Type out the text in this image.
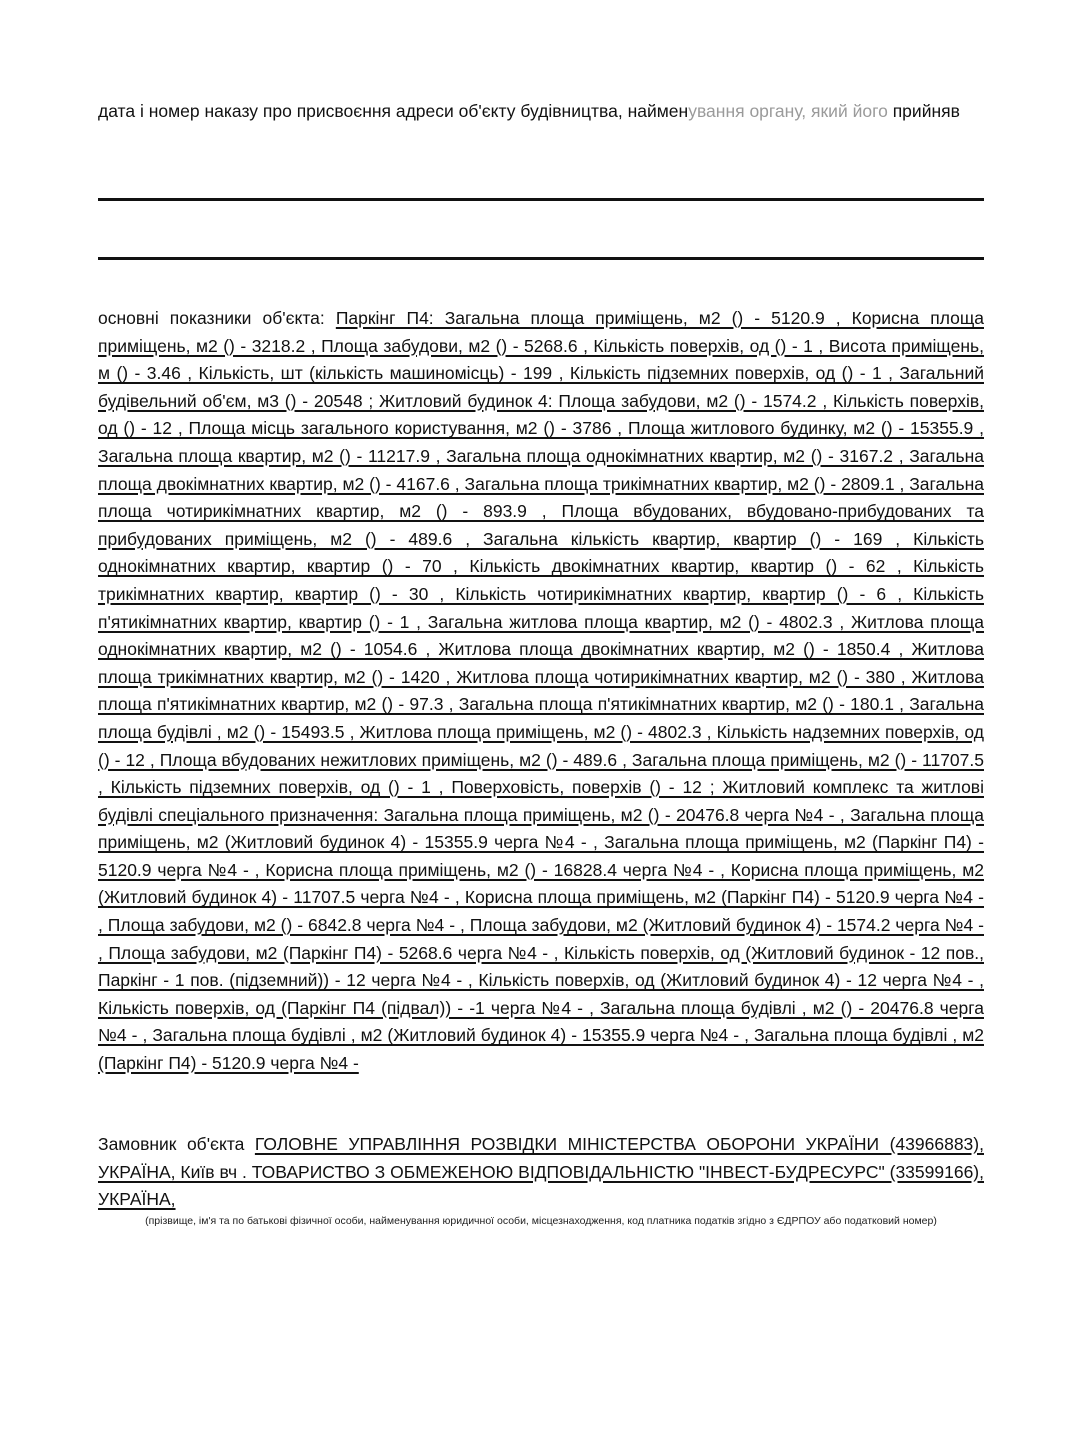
дата і номер наказу про присвоєння адреси об'єкту будівництва, найменування органу, який його прийняв

основні показники об'єкта: Паркінг П4: Загальна площа приміщень, м2 () - 5120.9 , Корисна площа приміщень, м2 () - 3218.2 , Площа забудови, м2 () - 5268.6 , Кількість поверхів, од () - 1 , Висота приміщень, м () - 3.46 , Кількість, шт (кількість машиномісць) - 199 , Кількість підземних поверхів, од () - 1 , Загальний будівельний об'єм, м3 () - 20548 ; Житловий будинок 4: Площа забудови, м2 () - 1574.2 , Кількість поверхів, од () - 12 , Площа місць загального користування, м2 () - 3786 , Площа житлового будинку, м2 () - 15355.9 , Загальна площа квартир, м2 () - 11217.9 , Загальна площа однокімнатних квартир, м2 () - 3167.2 , Загальна площа двокімнатних квартир, м2 () - 4167.6 , Загальна площа трикімнатних квартир, м2 () - 2809.1 , Загальна площа чотирикімнатних квартир, м2 () - 893.9 , Площа вбудованих, вбудовано-прибудованих та прибудованих приміщень, м2 () - 489.6 , Загальна кількість квартир, квартир () - 169 , Кількість однокімнатних квартир, квартир () - 70 , Кількість двокімнатних квартир, квартир () - 62 , Кількість трикімнатних квартир, квартир () - 30 , Кількість чотирикімнатних квартир, квартир () - 6 , Кількість п'ятикімнатних квартир, квартир () - 1 , Загальна житлова площа квартир, м2 () - 4802.3 , Житлова площа однокімнатних квартир, м2 () - 1054.6 , Житлова площа двокімнатних квартир, м2 () - 1850.4 , Житлова площа трикімнатних квартир, м2 () - 1420 , Житлова площа чотирикімнатних квартир, м2 () - 380 , Житлова площа п'ятикімнатних квартир, м2 () - 97.3 , Загальна площа п'ятикімнатних квартир, м2 () - 180.1 , Загальна площа будівлі , м2 () - 15493.5 , Житлова площа приміщень, м2 () - 4802.3 , Кількість надземних поверхів, од () - 12 , Площа вбудованих нежитлових приміщень, м2 () - 489.6 , Загальна площа приміщень, м2 () - 11707.5 , Кількість підземних поверхів, од () - 1 , Поверховість, поверхів () - 12 ; Житловий комплекс та житлові будівлі спеціального призначення: Загальна площа приміщень, м2 () - 20476.8 черга №4 - , Загальна площа приміщень, м2 (Житловий будинок 4) - 15355.9 черга №4 - , Загальна площа приміщень, м2 (Паркінг П4) - 5120.9 черга №4 - , Корисна площа приміщень, м2 () - 16828.4 черга №4 - , Корисна площа приміщень, м2 (Житловий будинок 4) - 11707.5 черга №4 - , Корисна площа приміщень, м2 (Паркінг П4) - 5120.9 черга №4 - , Площа забудови, м2 () - 6842.8 черга №4 - , Площа забудови, м2 (Житловий будинок 4) - 1574.2 черга №4 - , Площа забудови, м2 (Паркінг П4) - 5268.6 черга №4 - , Кількість поверхів, од (Житловий будинок - 12 пов., Паркінг - 1 пов. (підземний)) - 12 черга №4 - , Кількість поверхів, од (Житловий будинок 4) - 12 черга №4 - , Кількість поверхів, од (Паркінг П4 (підвал)) - -1 черга №4 - , Загальна площа будівлі , м2 () - 20476.8 черга №4 - , Загальна площа будівлі , м2 (Житловий будинок 4) - 15355.9 черга №4 - , Загальна площа будівлі , м2 (Паркінг П4) - 5120.9 черга №4 -

Замовник об'єкта ГОЛОВНЕ УПРАВЛІННЯ РОЗВІДКИ МІНІСТЕРСТВА ОБОРОНИ УКРАЇНИ (43966883), УКРАЇНА, Київ вч . ТОВАРИСТВО З ОБМЕЖЕНОЮ ВІДПОВІДАЛЬНІСТЮ "ІНВЕСТ-БУДРЕСУРС" (33599166), УКРАЇНА,

(прізвище, ім'я та по батькові фізичної особи, найменування юридичної особи, місцезнаходження, код платника податків згідно з ЄДРПОУ або податковий номер)
